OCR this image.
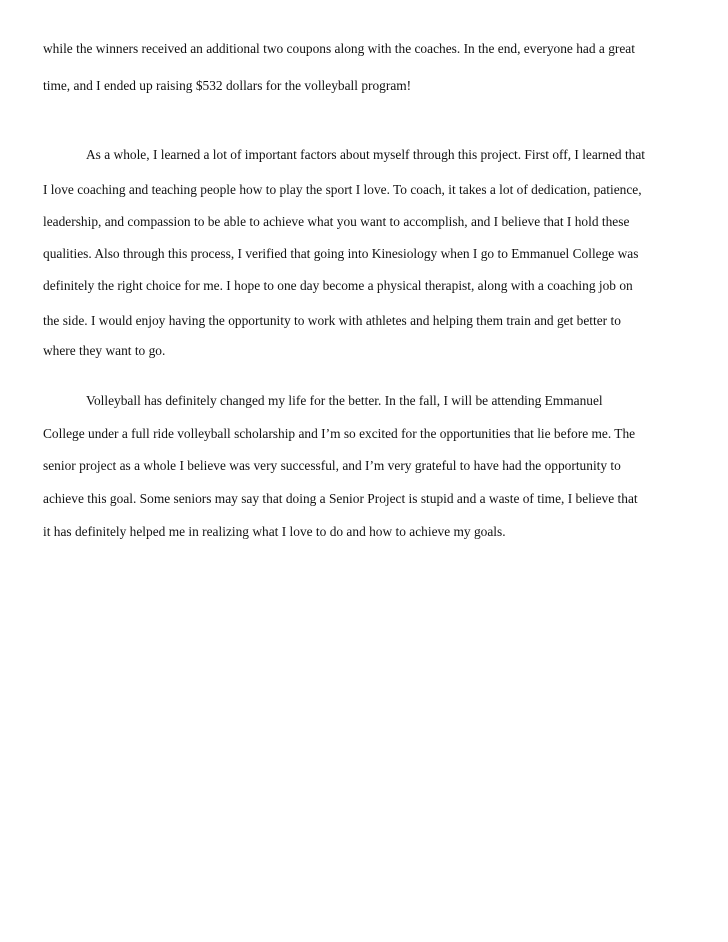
while the winners received an additional two coupons along with the coaches. In the end, everyone had a great
time, and I ended up raising $532 dollars for the volleyball program!
As a whole, I learned a lot of important factors about myself through this project. First off, I learned that
I love coaching and teaching people how to play the sport I love. To coach, it takes a lot of dedication, patience,
leadership, and compassion to be able to achieve what you want to accomplish, and I believe that I hold these
qualities. Also through this process, I verified that going into Kinesiology when I go to Emmanuel College was
definitely the right choice for me. I hope to one day become a physical therapist, along with a coaching job on
the side. I would enjoy having the opportunity to work with athletes and helping them train and get better to
where they want to go.
Volleyball has definitely changed my life for the better. In the fall, I will be attending Emmanuel
College under a full ride volleyball scholarship and I’m so excited for the opportunities that lie before me. The
senior project as a whole I believe was very successful, and I’m very grateful to have had the opportunity to
achieve this goal. Some seniors may say that doing a Senior Project is stupid and a waste of time, I believe that
it has definitely helped me in realizing what I love to do and how to achieve my goals.
